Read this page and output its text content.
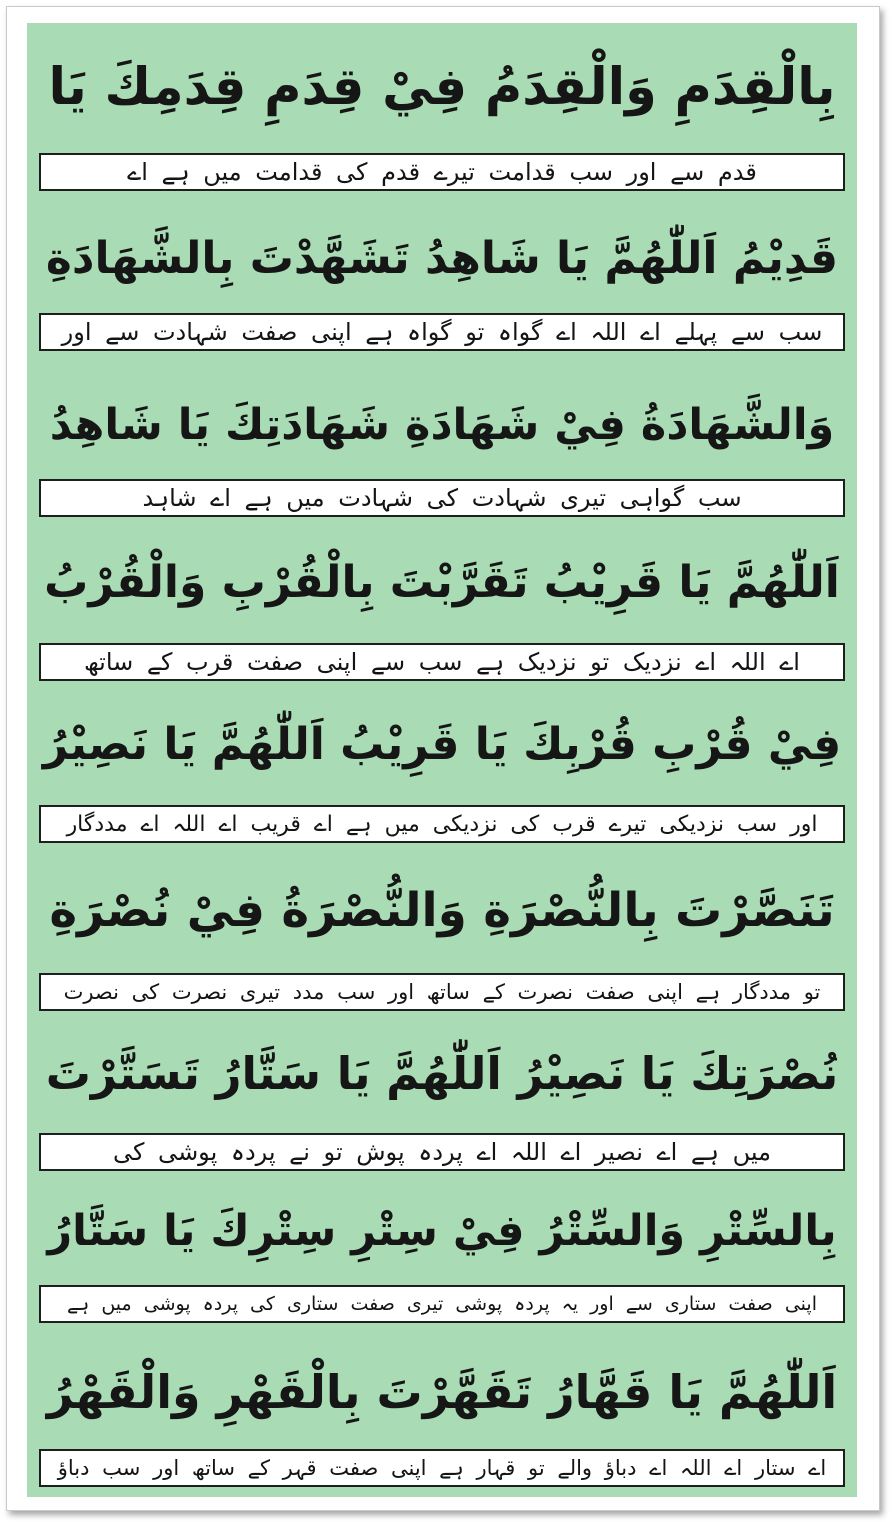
بِالْقِدَمِ وَالْقِدَمُ فِيْ قِدَمِ قِدَمِكَ يَا
قدم سے اور سب قدامت تیرے قدم کی قدامت میں ہے اے
قَدِيْمُ اَللّٰهُمَّ يَا شَاهِدُ تَشَهَّدْتَ بِالشَّهَادَةِ
سب سے پہلے اے اللہ اے گواہ تو گواہ ہے اپنی صفت شہادت سے اور
وَالشَّهَادَةُ فِيْ شَهَادَةِ شَهَادَتِكَ يَا شَاهِدُ
سب گواہی تیری شہادت کی شہادت میں ہے اے شاہد
اَللّٰهُمَّ يَا قَرِيْبُ تَقَرَّبْتَ بِالْقُرْبِ وَالْقُرْبُ
اے اللہ اے نزدیک تو نزدیک ہے سب سے اپنی صفت قرب کے ساتھ
فِيْ قُرْبِ قُرْبِكَ يَا قَرِيْبُ اَللّٰهُمَّ يَا نَصِيْرُ
اور سب نزدیکی تیرے قرب کی نزدیکی میں ہے اے قریب اے اللہ اے مددگار
تَنَصَّرْتَ بِالنُّصْرَةِ وَالنُّصْرَةُ فِيْ نُصْرَةِ
تو مددگار ہے اپنی صفت نصرت کے ساتھ اور سب مدد تیری نصرت کی نصرت
نُصْرَتِكَ يَا نَصِيْرُ اَللّٰهُمَّ يَا سَتَّارُ تَسَتَّرْتَ
میں ہے اے نصیر اے اللہ اے پردہ پوش تو نے پردہ پوشی کی
بِالسِّتْرِ وَالسِّتْرُ فِيْ سِتْرِ سِتْرِكَ يَا سَتَّارُ
اپنی صفت ستاری سے اور یہ پردہ پوشی تیری صفت ستاری کی پردہ پوشی میں ہے
اَللّٰهُمَّ يَا قَهَّارُ تَقَهَّرْتَ بِالْقَهْرِ وَالْقَهْرُ
اے ستار اے اللہ اے دباؤ والے تو قہار ہے اپنی صفت قہر کے ساتھ اور سب دباؤ
